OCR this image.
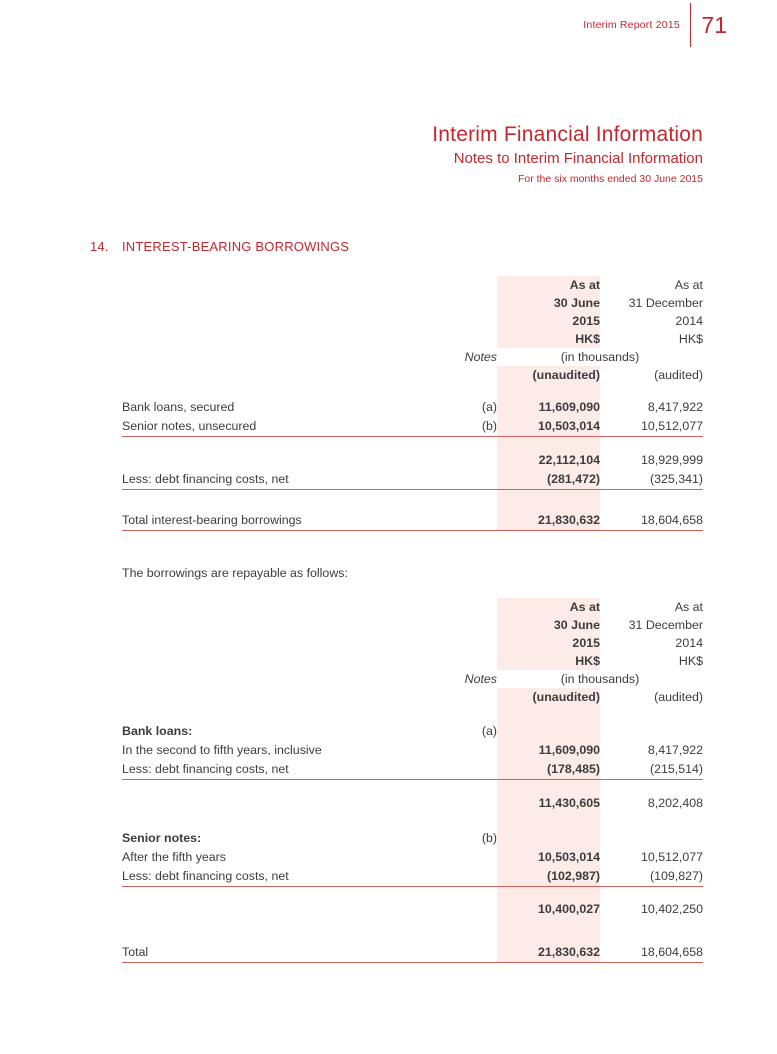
Interim Report 2015 71
Interim Financial Information
Notes to Interim Financial Information
For the six months ended 30 June 2015
14. INTEREST-BEARING BORROWINGS
		As at	As at
		30 June	31 December
		2015	2014
		HK$	HK$
	Notes	(in thousands)	
		(unaudited)	(audited)

Bank loans, secured	(a)	11,609,090	8,417,922
Senior notes, unsecured	(b)	10,503,014	10,512,077

		22,112,104	18,929,999
Less: debt financing costs, net		(281,472)	(325,341)

Total interest-bearing borrowings		21,830,632	18,604,658
The borrowings are repayable as follows:
		As at	As at
		30 June	31 December
		2015	2014
		HK$	HK$
	Notes	(in thousands)	
		(unaudited)	(audited)

Bank loans:	(a)		
In the second to fifth years, inclusive		11,609,090	8,417,922
Less: debt financing costs, net		(178,485)	(215,514)

		11,430,605	8,202,408

Senior notes:	(b)		
After the fifth years		10,503,014	10,512,077
Less: debt financing costs, net		(102,987)	(109,827)

		10,400,027	10,402,250

Total		21,830,632	18,604,658
